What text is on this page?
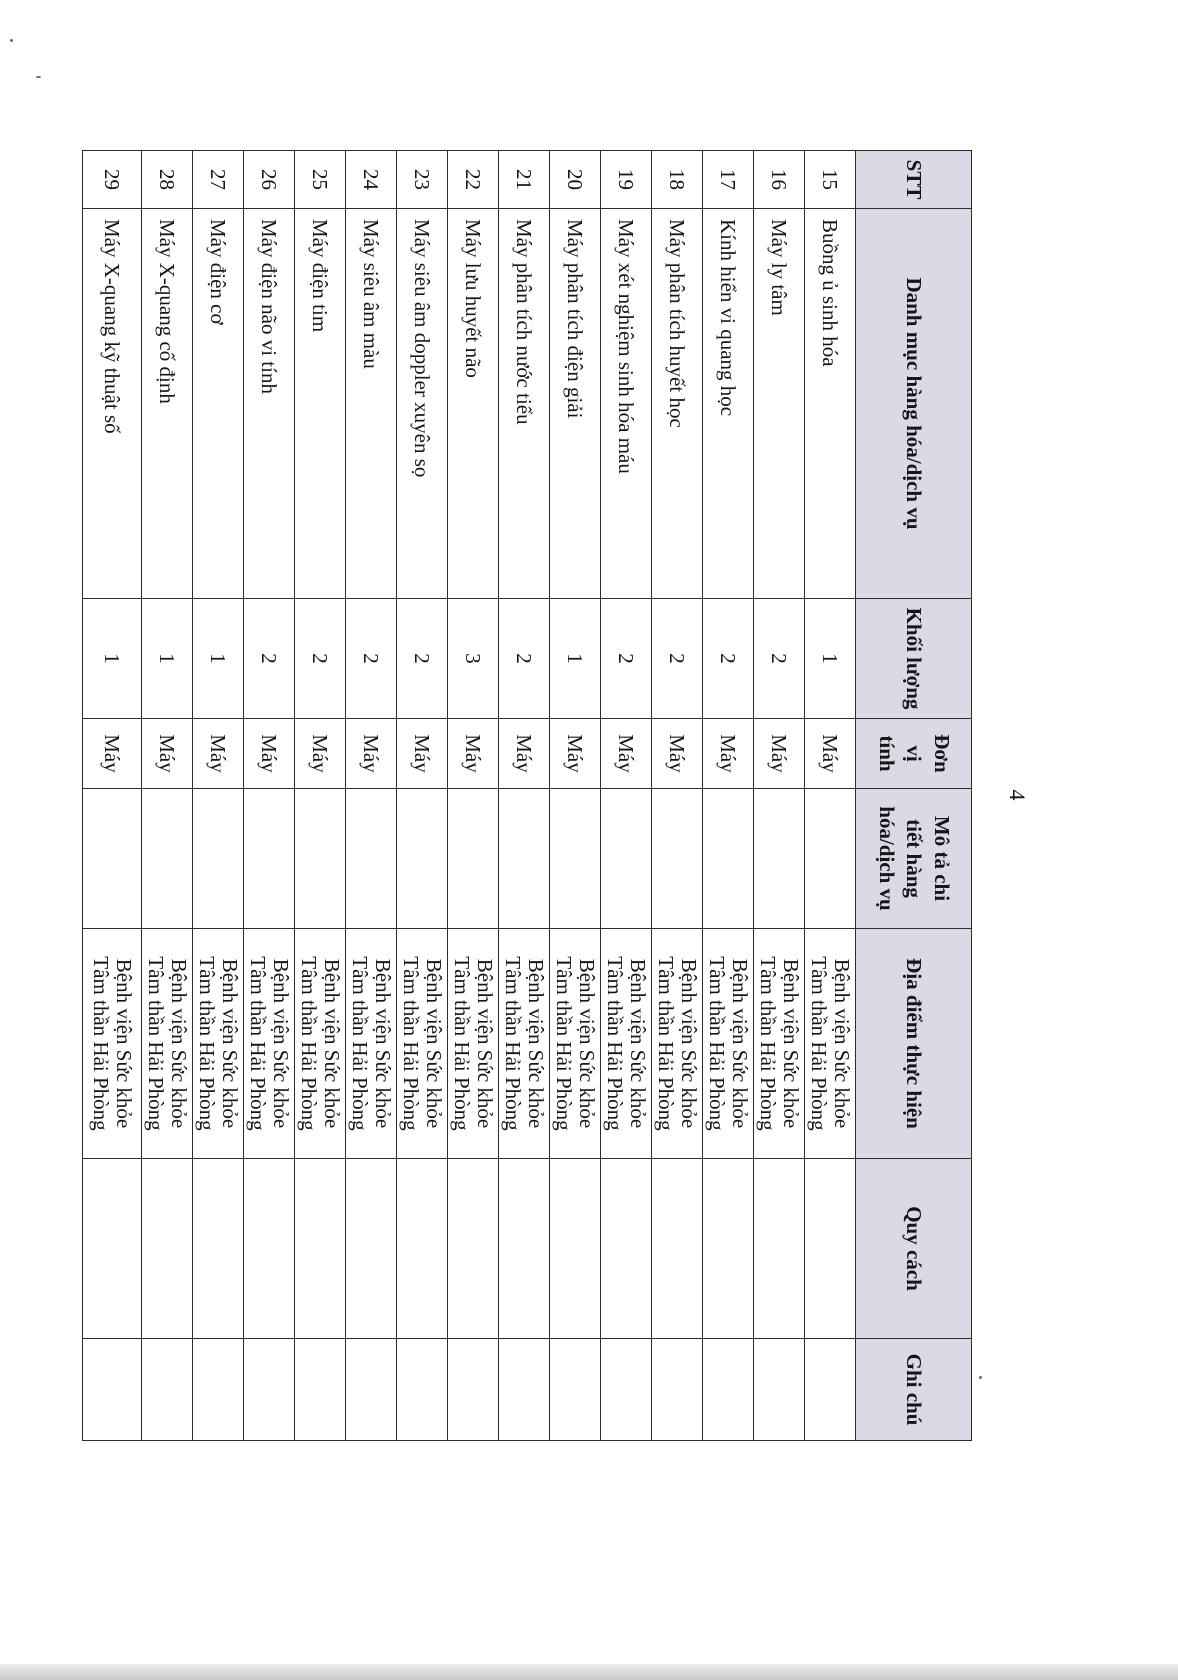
4
STT	Danh mục hàng hóa/dịch vụ	Khối lượng	Đơn
vị
tính	Mô tả chi
tiết hàng
hóa/dịch vụ	Địa điểm thực hiện	Quy cách	Ghi chú
15	Buồng ủ sinh hóa	1	Máy		Bệnh viện Sức khỏe
Tâm thần Hải Phòng		

16	Máy ly tâm	2	Máy		Bệnh viện Sức khỏe
Tâm thần Hải Phòng		

17	Kính hiển vi quang học	2	Máy		Bệnh viện Sức khỏe
Tâm thần Hải Phòng		

18	Máy phân tích huyết học	2	Máy		Bệnh viện Sức khỏe
Tâm thần Hải Phòng		

19	Máy xét nghiệm sinh hóa máu	2	Máy		Bệnh viện Sức khỏe
Tâm thần Hải Phòng		

20	Máy phân tích điện giải	1	Máy		Bệnh viện Sức khỏe
Tâm thần Hải Phòng		

21	Máy phân tích nước tiểu	2	Máy		Bệnh viện Sức khỏe
Tâm thần Hải Phòng		

22	Máy lưu huyết não	3	Máy		Bệnh viện Sức khỏe
Tâm thần Hải Phòng		

23	Máy siêu âm doppler xuyên sọ	2	Máy		Bệnh viện Sức khỏe
Tâm thần Hải Phòng		

24	Máy siêu âm màu	2	Máy		Bệnh viện Sức khỏe
Tâm thần Hải Phòng		

25	Máy điện tim	2	Máy		Bệnh viện Sức khỏe
Tâm thần Hải Phòng		

26	Máy điện não vi tính	2	Máy		Bệnh viện Sức khỏe
Tâm thần Hải Phòng		

27	Máy điện cơ	1	Máy		Bệnh viện Sức khỏe
Tâm thần Hải Phòng		

28	Máy X-quang cố định	1	Máy		Bệnh viện Sức khỏe
Tâm thần Hải Phòng		

29	Máy X-quang kỹ thuật số	1	Máy		Bệnh viện Sức khỏe
Tâm thần Hải Phòng		
